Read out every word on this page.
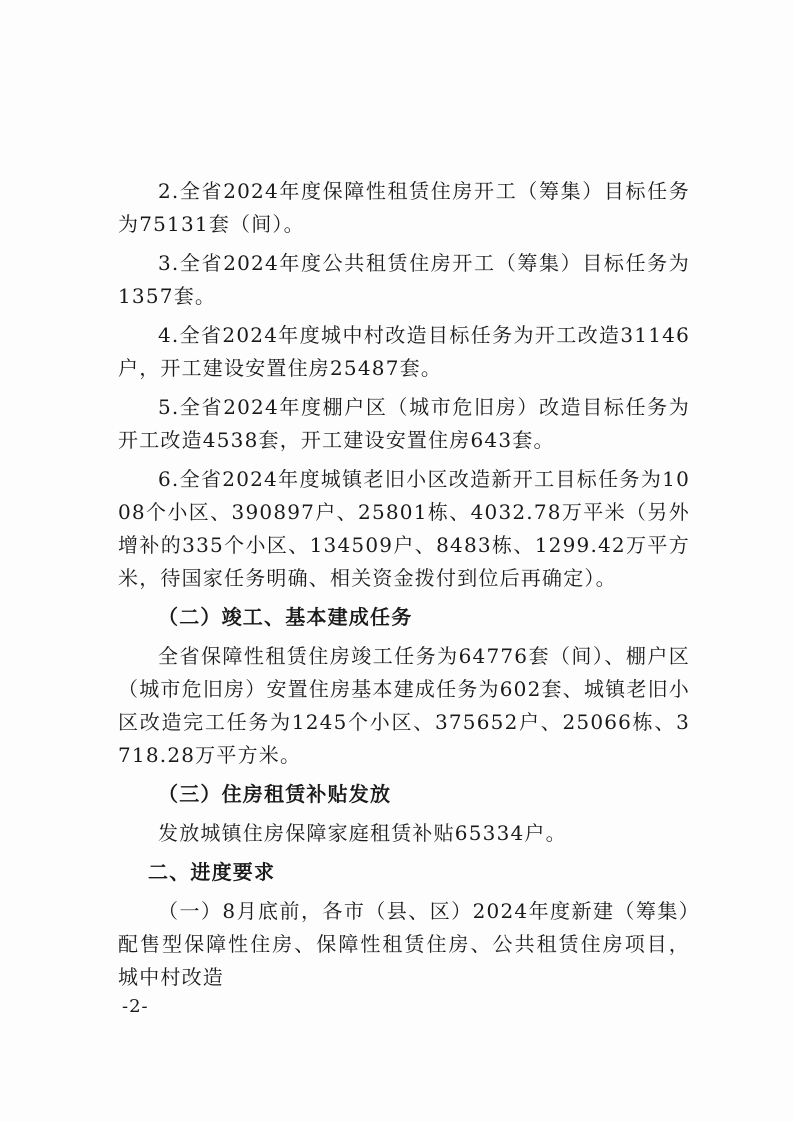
2.全省2024年度保障性租赁住房开工（筹集）目标任务为75131套（间）。

3.全省2024年度公共租赁住房开工（筹集）目标任务为1357套。

4.全省2024年度城中村改造目标任务为开工改造31146户，开工建设安置住房25487套。

5.全省2024年度棚户区（城市危旧房）改造目标任务为开工改造4538套，开工建设安置住房643套。

6.全省2024年度城镇老旧小区改造新开工目标任务为1008个小区、390897户、25801栋、4032.78万平米（另外增补的335个小区、134509户、8483栋、1299.42万平方米，待国家任务明确、相关资金拨付到位后再确定）。

（二）竣工、基本建成任务

全省保障性租赁住房竣工任务为64776套（间）、棚户区（城市危旧房）安置住房基本建成任务为602套、城镇老旧小区改造完工任务为1245个小区、375652户、25066栋、3718.28万平方米。

（三）住房租赁补贴发放

发放城镇住房保障家庭租赁补贴65334户。

二、进度要求

（一）8月底前，各市（县、区）2024年度新建（筹集）配售型保障性住房、保障性租赁住房、公共租赁住房项目，城中村改造

-2-
